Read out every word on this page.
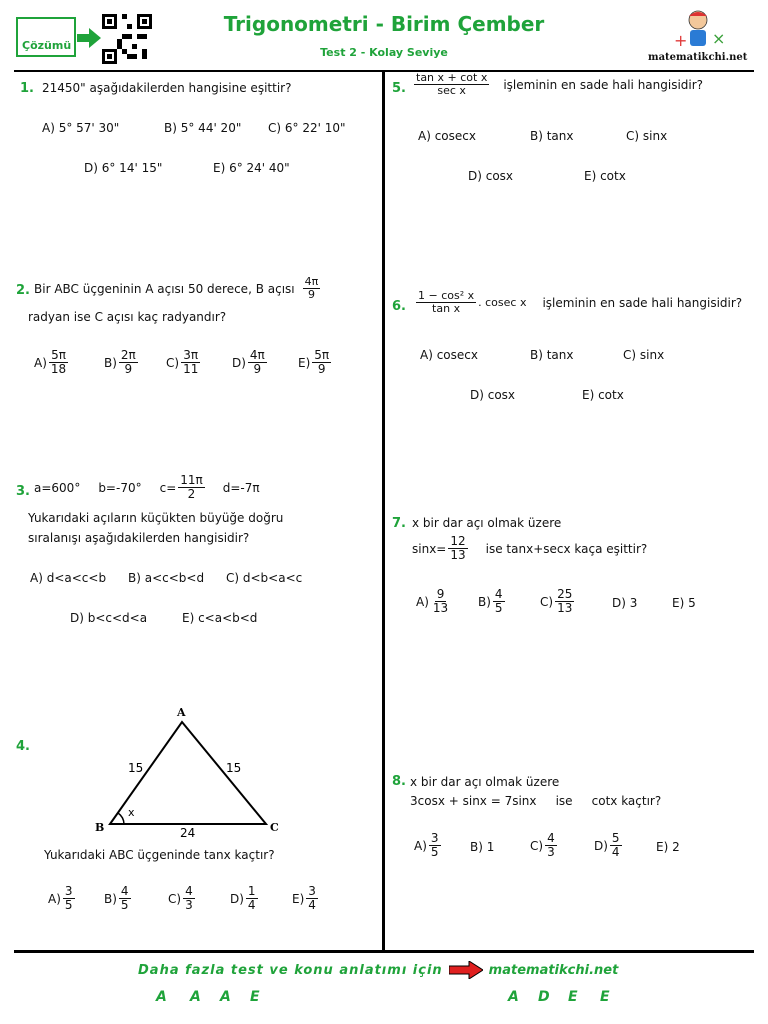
Çözümü
Trigonometri - Birim Çember
Test 2 - Kolay Seviye
+ ×
matematikchi.net
1. 21450" aşağıdakilerden hangisine eşittir?
A) 5° 57' 30"	B) 5° 44' 20" C) 6° 22' 10"
D) 6° 14' 15"	E) 6° 24' 40"
2. Bir ABC üçgeninin A açısı 50 derece, B açısı $\frac{4\pi}{9}$
radyan ise C açısı kaç radyandır?
$A) \frac{5\pi}{18}$	$B) \frac{2\pi}{9} C) \frac{3\pi}{11}$	$D) \frac{4\pi}{9}$	$E) \frac{5\pi}{9}$
3. a=600° b=-70° $c= \frac{11\pi}{2} d=-7\pi$
Yukarıdaki açıların küçükten büyüğe doğru
sıralanışı aşağıdakilerden hangisidir?
A) d<a<c<b B) a<c<b<d C) d<b<a<c
D) b<c<d<a	E) c<a<b<d
4.
A
B	C
15	15
24
x
Yukarıdaki ABC üçgeninde tanx kaçtır?
$A) \frac{3}{5} B) \frac{4}{5}$	$C) \frac{4}{3}$	$D) \frac{1}{4}$	$E) \frac{3}{4}$
5. $\frac{\text{tan x + cot x}}{\text{sec x}}$ işleminin en sade hali hangisidir?
A) cosecx	B) tanx	C) sinx
D) cosx	E) cotx
6. $\frac{\text{1 − cos² x}}{\text{tan x}}$ . cosec x işleminin en sade hali hangisidir?
A) cosecx	B) tanx	C) sinx
D) cosx	E) cotx
7. x bir dar açı olmak üzere
$\sin x= \frac{12}{13}$ ise tanx+secx kaça eşittir?
$A) \frac{9}{13} B) \frac{4}{5}$	$C) \frac{25}{13}$	D) 3	E) 5
8. x bir dar açı olmak üzere
3cosx + sinx = 7sinx     ise     cotx kaçtır?
$A) \frac{3}{5} B$) 1	$C) \frac{4}{3}$	$D) \frac{5}{4}$	E) 2
Daha fazla test ve konu anlatımı için	matematikchi.net
A A A E	A D E E
